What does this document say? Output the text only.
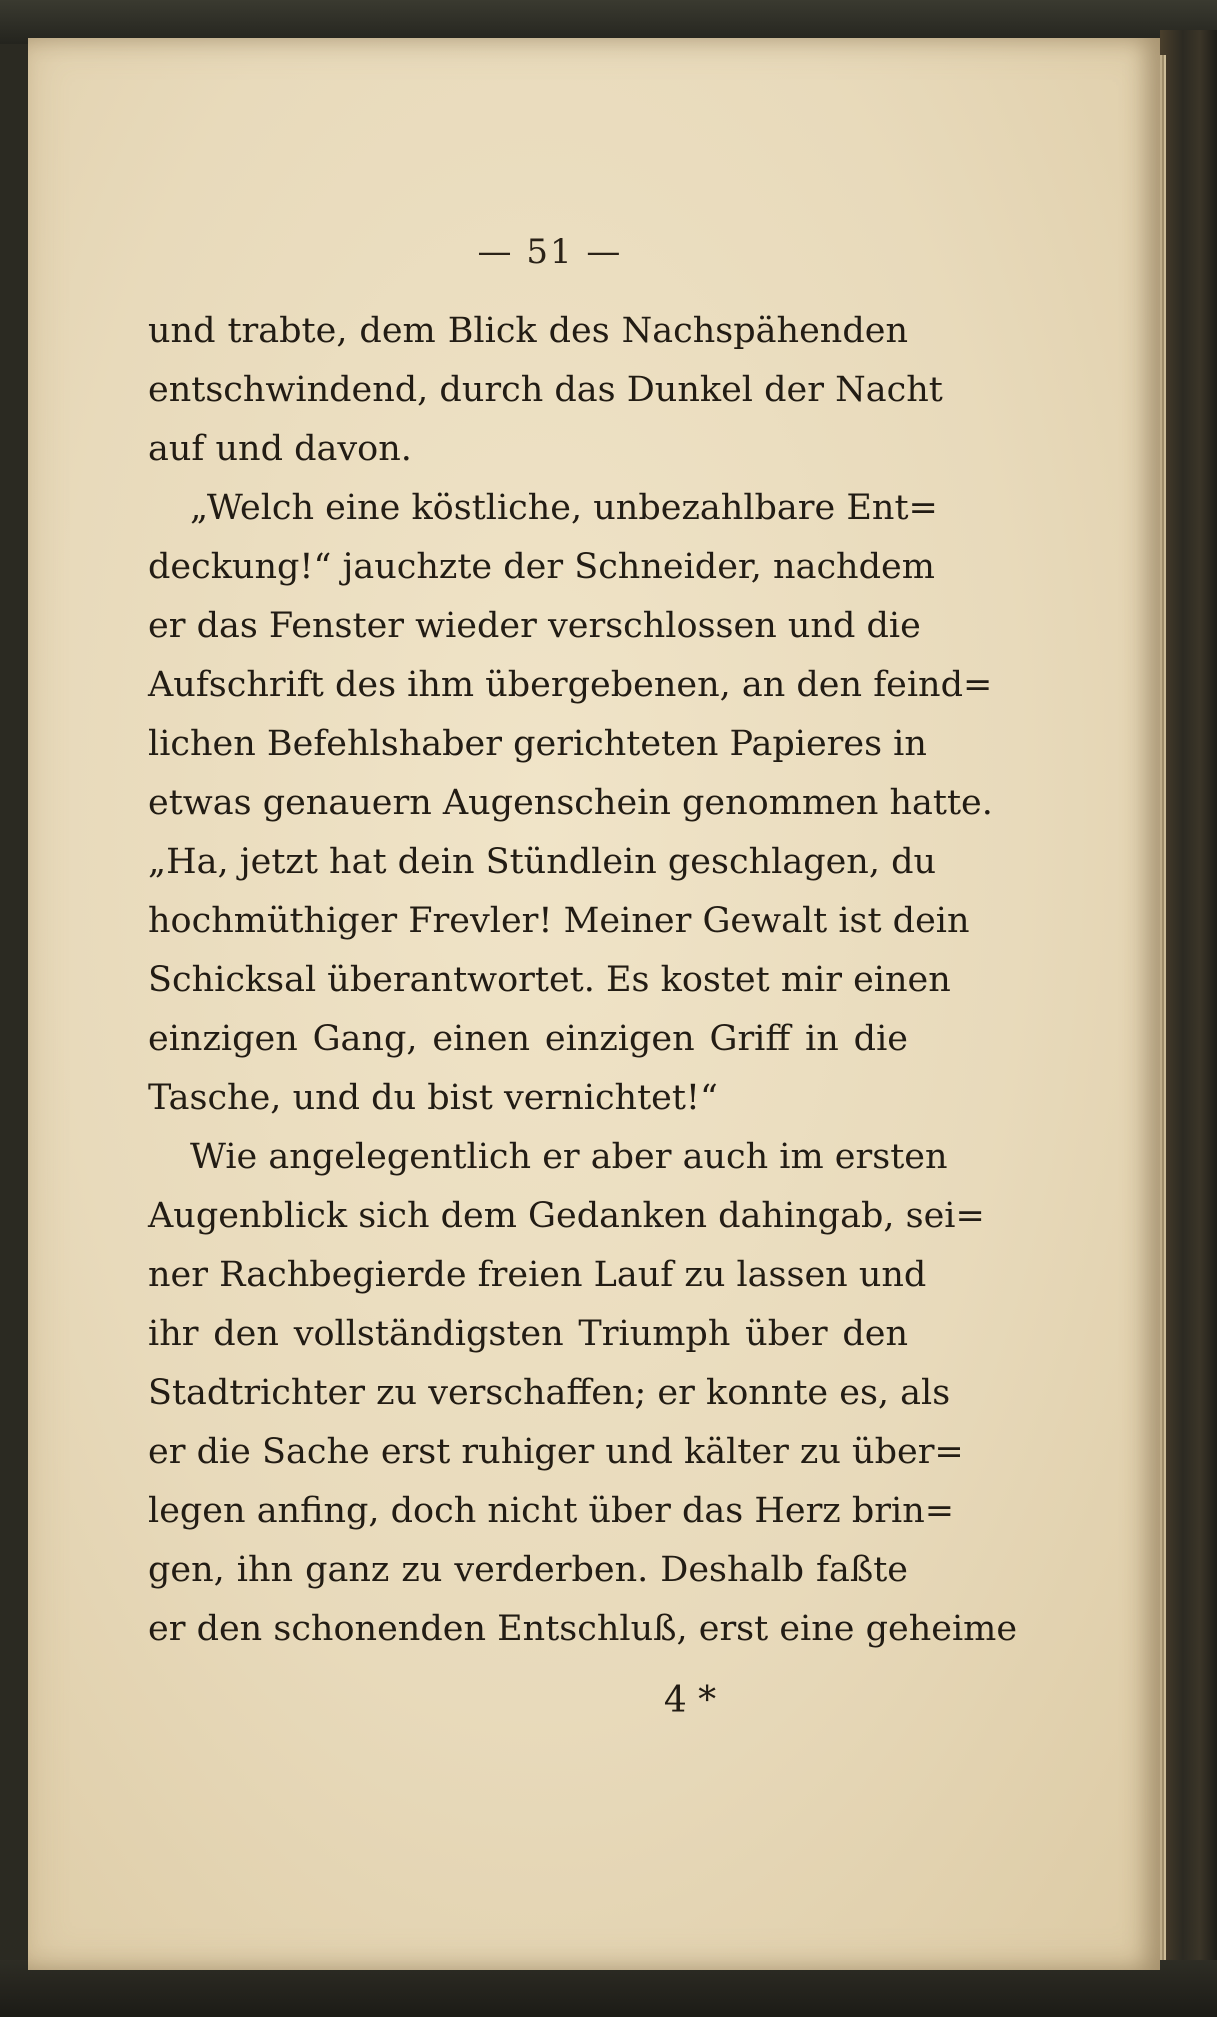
— 51 —
und trabte, dem Blick des Nachspähenden
entschwindend, durch das Dunkel der Nacht
auf und davon.
„Welch eine köstliche, unbezahlbare Ent=
deckung!“ jauchzte der Schneider, nachdem
er das Fenster wieder verschlossen und die
Aufschrift des ihm übergebenen, an den feind=
lichen Befehlshaber gerichteten Papieres in
etwas genauern Augenschein genommen hatte.
„Ha, jetzt hat dein Stündlein geschlagen, du
hochmüthiger Frevler! Meiner Gewalt ist dein
Schicksal überantwortet. Es kostet mir einen
einzigen Gang, einen einzigen Griff in die
Tasche, und du bist vernichtet!“
Wie angelegentlich er aber auch im ersten
Augenblick sich dem Gedanken dahingab, sei=
ner Rachbegierde freien Lauf zu lassen und
ihr den vollständigsten Triumph über den
Stadtrichter zu verschaffen; er konnte es, als
er die Sache erst ruhiger und kälter zu über=
legen anfing, doch nicht über das Herz brin=
gen, ihn ganz zu verderben. Deshalb faßte
er den schonenden Entschluß, erst eine geheime
4 *
